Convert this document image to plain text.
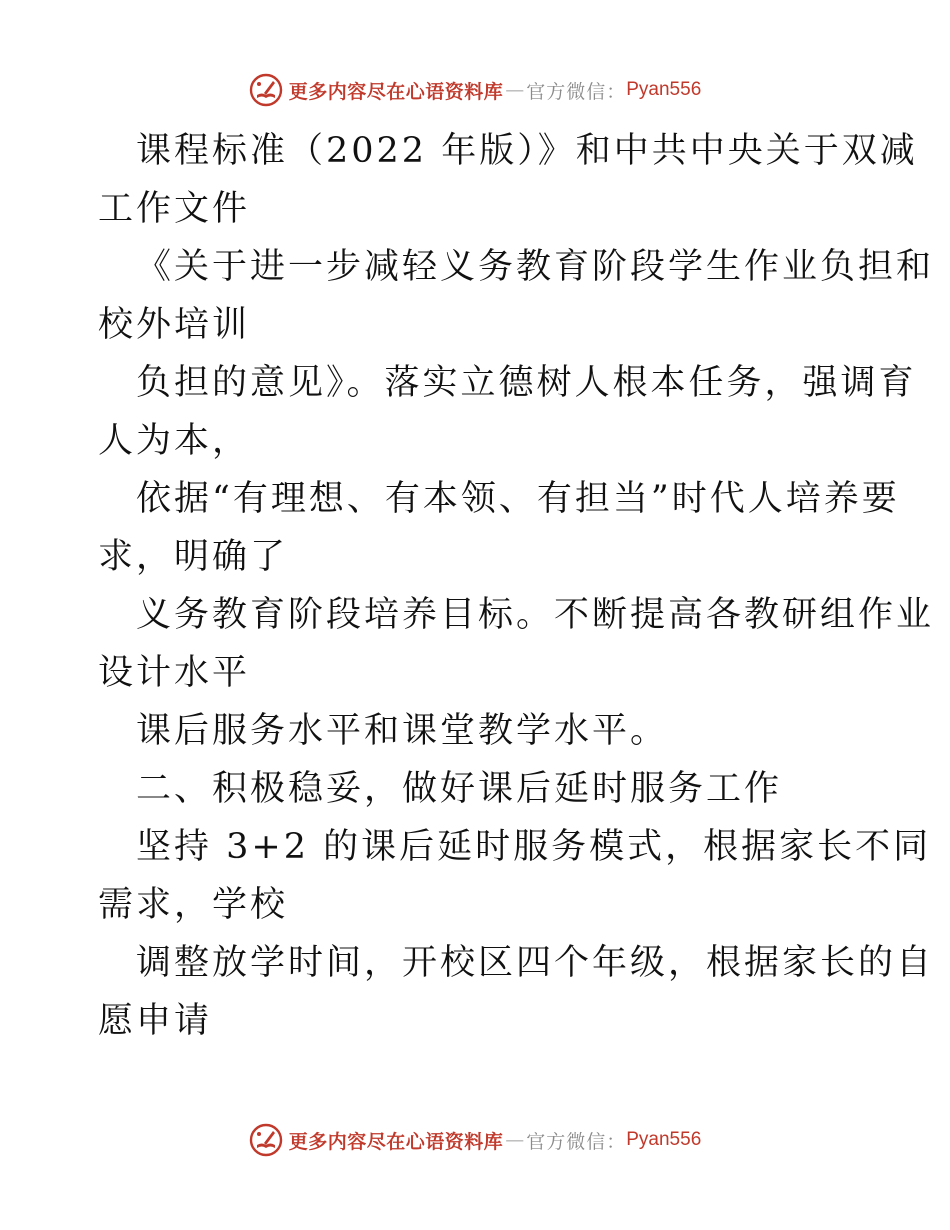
更多内容尽在心语资料库 — 官方微信： Pyan556
课程标准（2022 年版）》和中共中央关于双减
工作文件
《关于进一步减轻义务教育阶段学生作业负担和
校外培训
负担的意见》。落实立德树人根本任务，强调育
人为本，
依据“有理想、有本领、有担当”时代人培养要
求，明确了
义务教育阶段培养目标。不断提高各教研组作业
设计水平
课后服务水平和课堂教学水平。
二、积极稳妥，做好课后延时服务工作
坚持 3+2 的课后延时服务模式，根据家长不同
需求，学校
调整放学时间，开校区四个年级，根据家长的自
愿申请
更多内容尽在心语资料库 — 官方微信： Pyan556
